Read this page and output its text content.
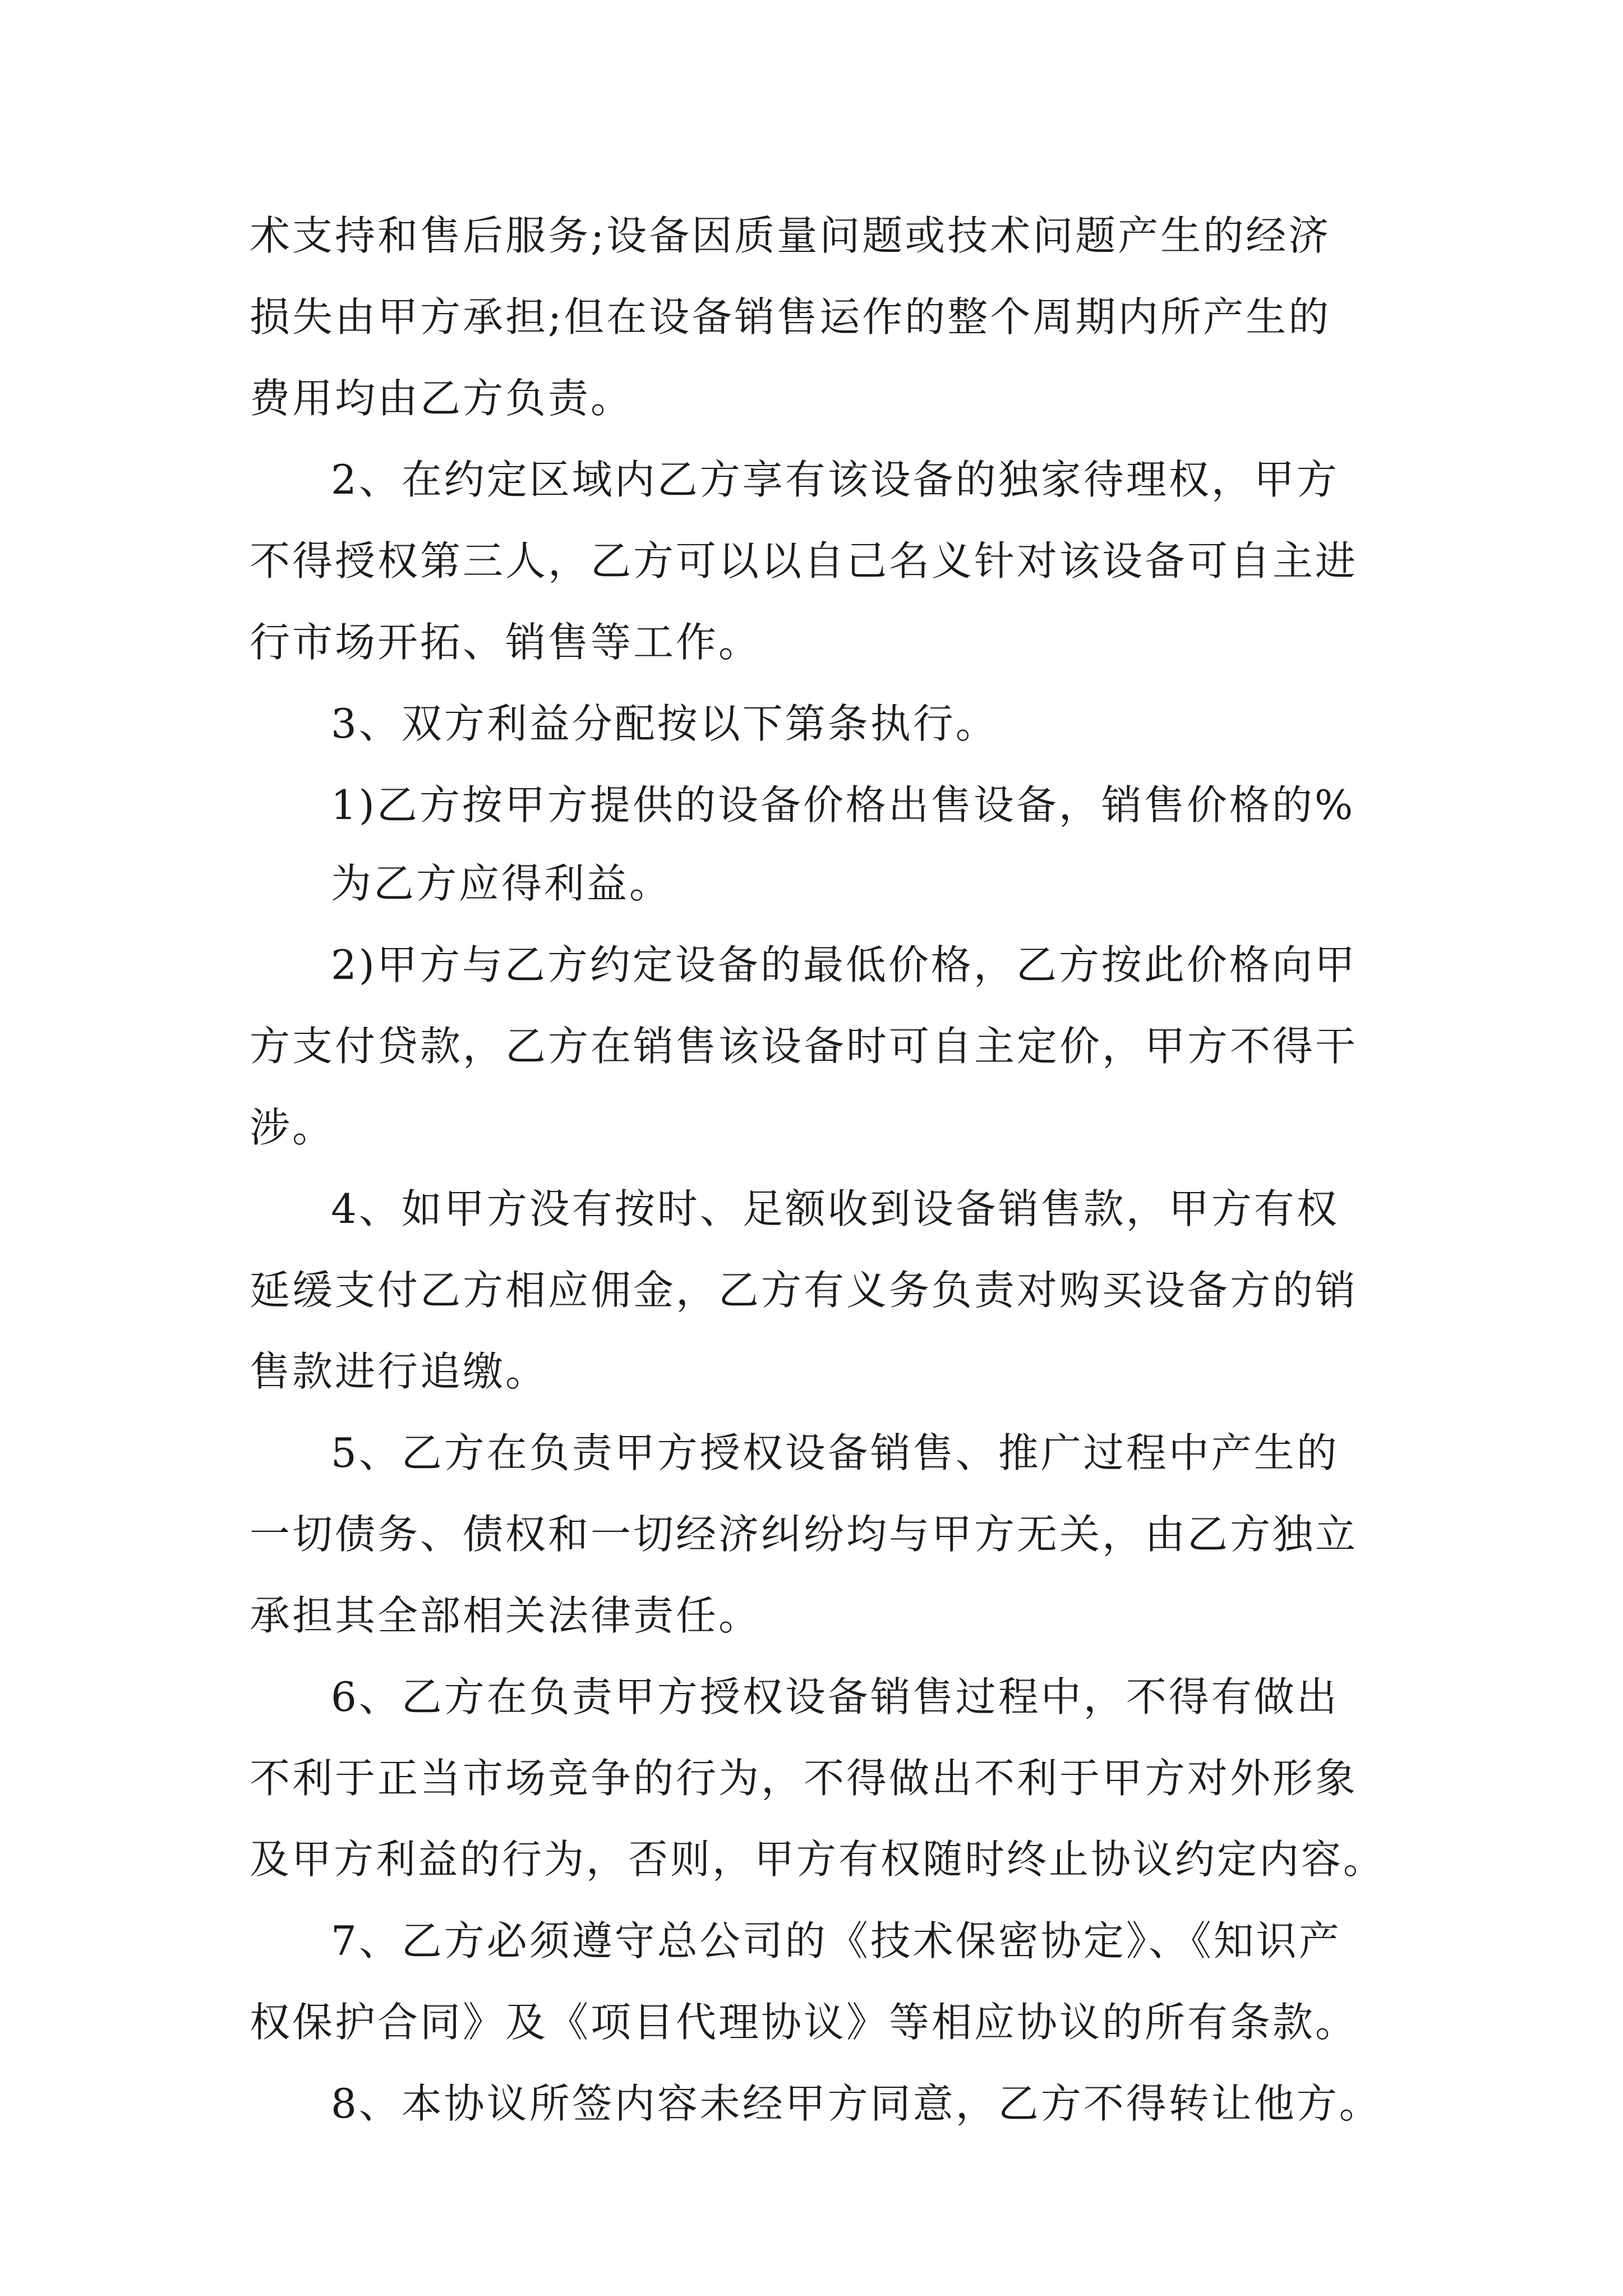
术支持和售后服务;设备因质量问题或技术问题产生的经济
损失由甲方承担;但在设备销售运作的整个周期内所产生的
费用均由乙方负责。
2、在约定区域内乙方享有该设备的独家待理权，甲方
不得授权第三人，乙方可以以自己名义针对该设备可自主进
行市场开拓、销售等工作。
3、双方利益分配按以下第条执行。
1)乙方按甲方提供的设备价格出售设备，销售价格的%
为乙方应得利益。
2)甲方与乙方约定设备的最低价格，乙方按此价格向甲
方支付贷款，乙方在销售该设备时可自主定价，甲方不得干
涉。
4、如甲方没有按时、足额收到设备销售款，甲方有权
延缓支付乙方相应佣金，乙方有义务负责对购买设备方的销
售款进行追缴。
5、乙方在负责甲方授权设备销售、推广过程中产生的
一切债务、债权和一切经济纠纷均与甲方无关，由乙方独立
承担其全部相关法律责任。
6、乙方在负责甲方授权设备销售过程中，不得有做出
不利于正当市场竞争的行为，不得做出不利于甲方对外形象
及甲方利益的行为，否则，甲方有权随时终止协议约定内容。
7、乙方必须遵守总公司的《技术保密协定》、《知识产
权保护合同》及《项目代理协议》等相应协议的所有条款。
8、本协议所签内容未经甲方同意，乙方不得转让他方。
